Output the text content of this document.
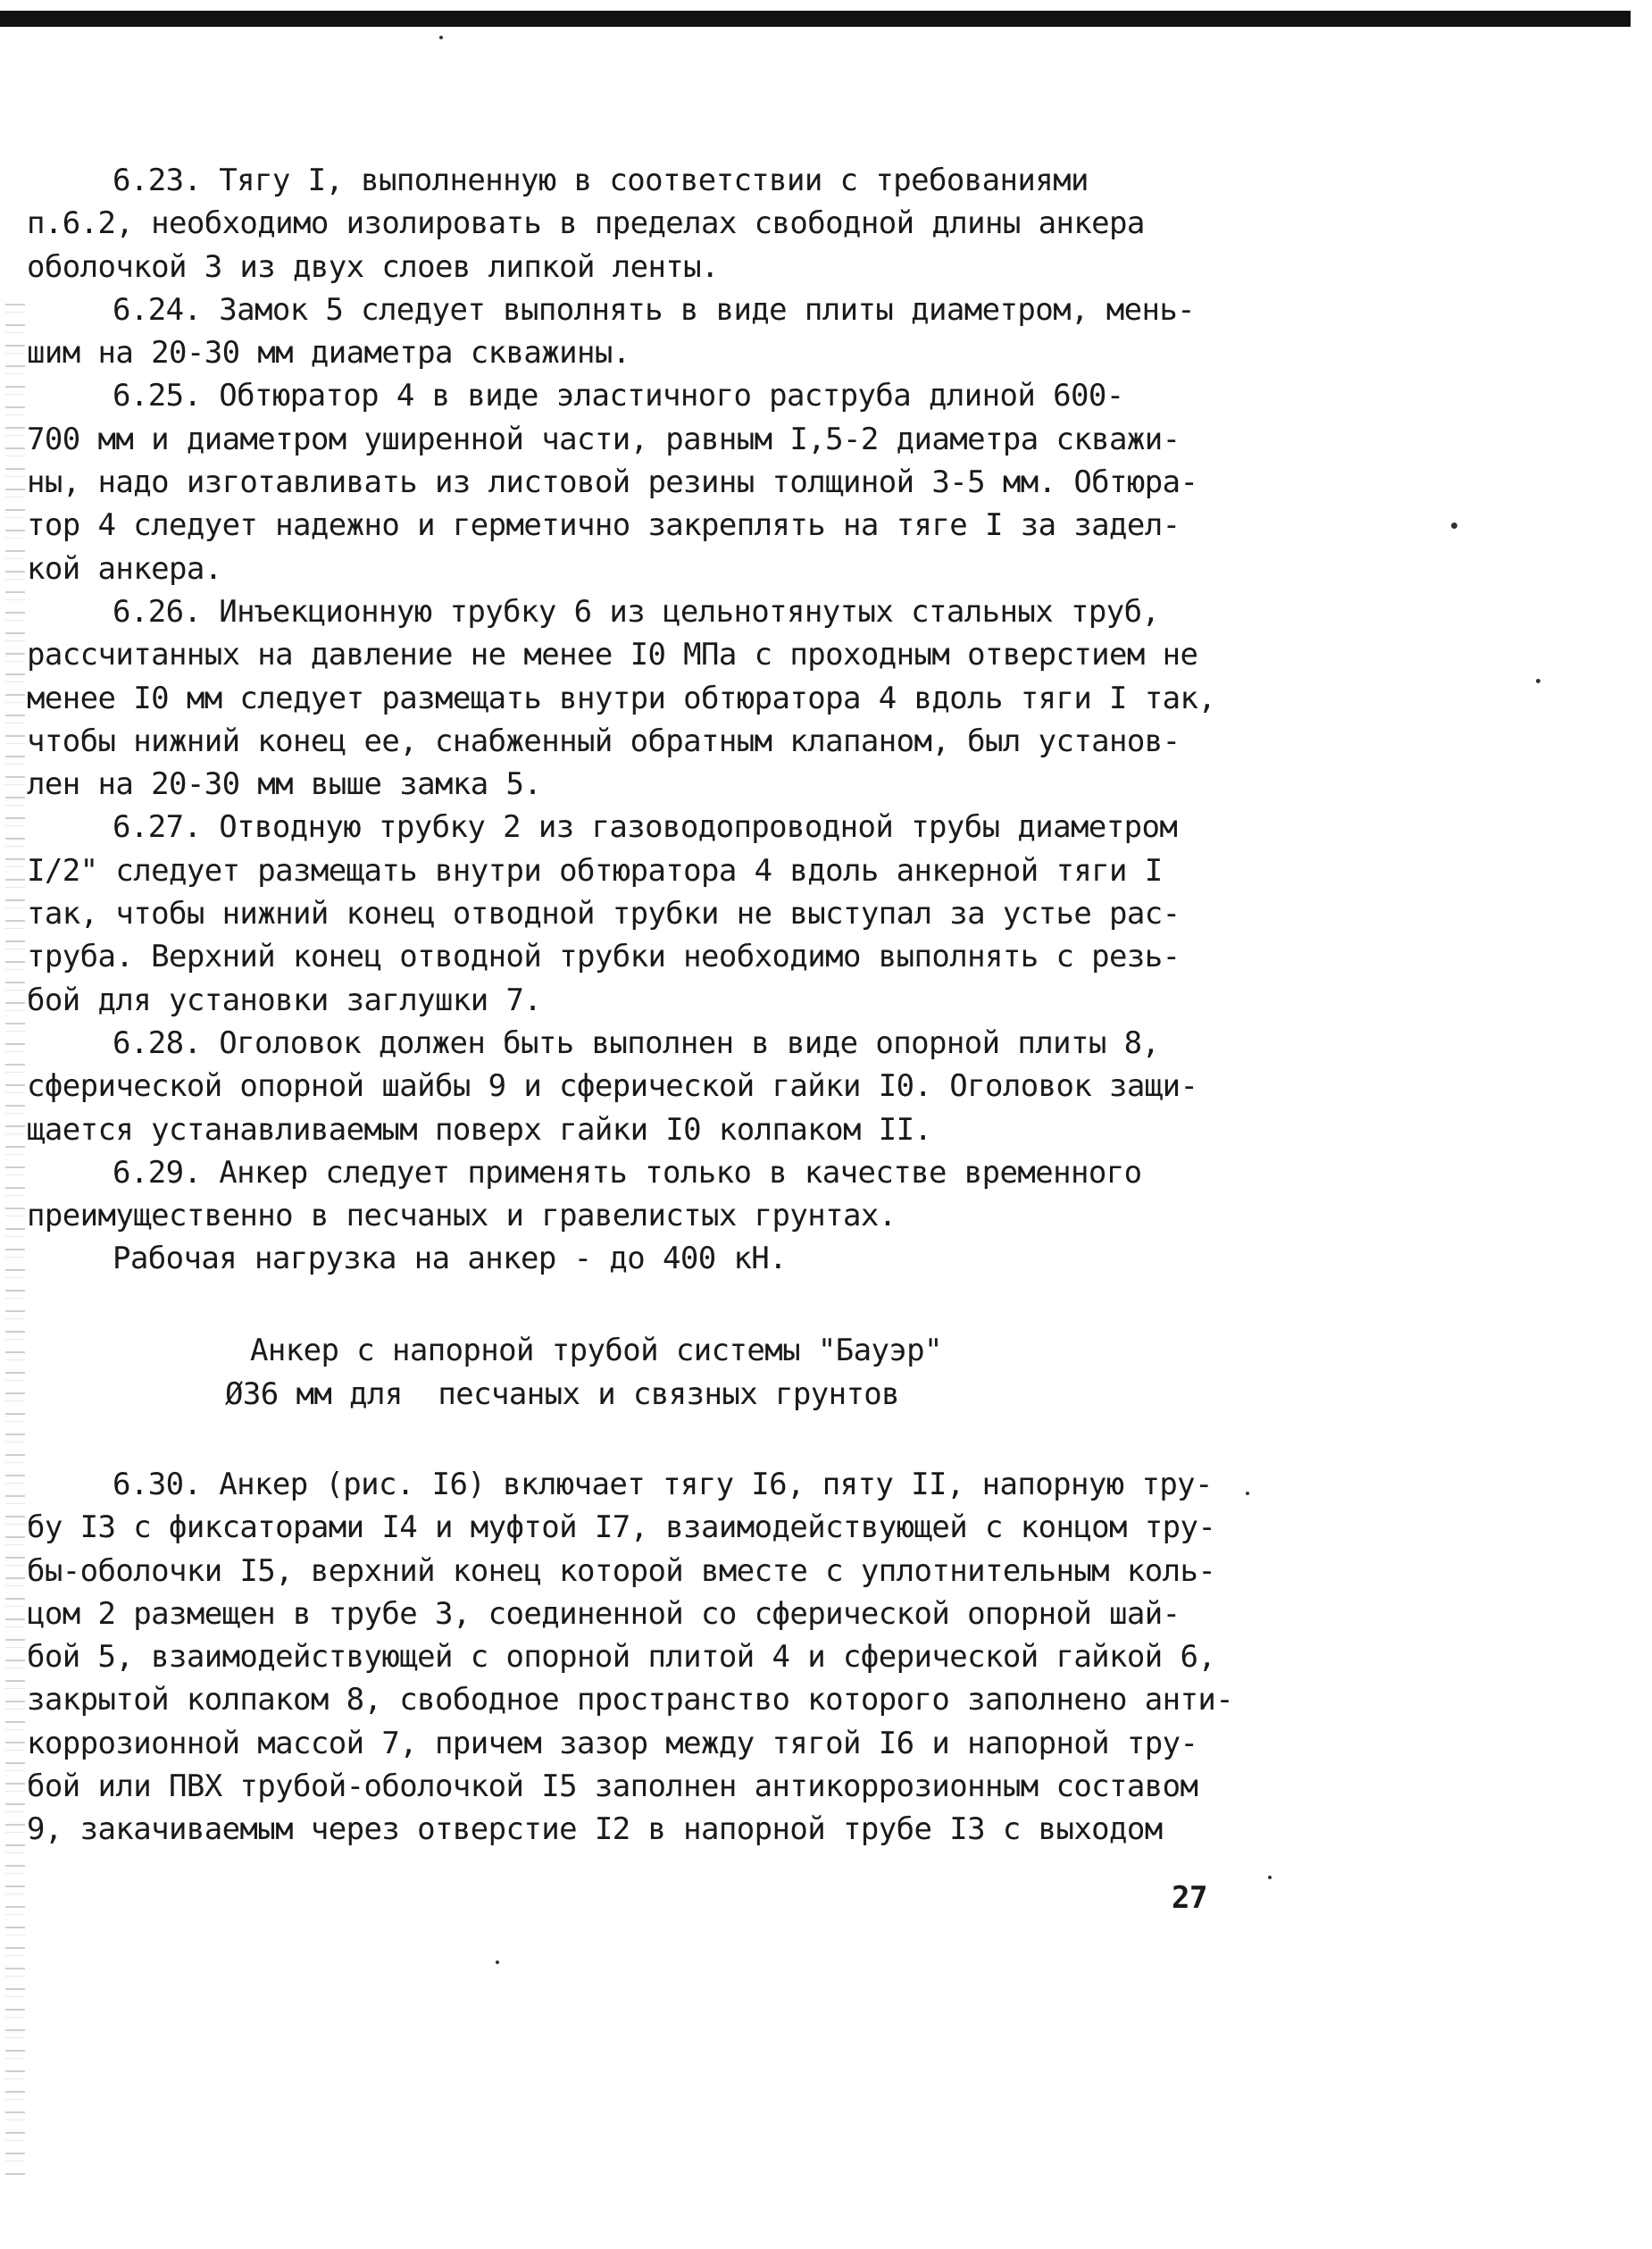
6.23. Тягу I, выполненную в соответствии с требованиями
п.6.2, необходимо изолировать в пределах свободной длины анкера
оболочкой 3 из двух слоев липкой ленты.
6.24. Замок 5 следует выполнять в виде плиты диаметром, мень-
шим на 20-30 мм диаметра скважины.
6.25. Обтюратор 4 в виде эластичного раструба длиной 600-
700 мм и диаметром уширенной части, равным I,5-2 диаметра скважи-
ны, надо изготавливать из листовой резины толщиной 3-5 мм. Обтюра-
тор 4 следует надежно и герметично закреплять на тяге I за задел-
кой анкера.
6.26. Инъекционную трубку 6 из цельнотянутых стальных труб,
рассчитанных на давление не менее I0 МПа с проходным отверстием не
менее I0 мм следует размещать внутри обтюратора 4 вдоль тяги I так,
чтобы нижний конец ее, снабженный обратным клапаном, был установ-
лен на 20-30 мм выше замка 5.
6.27. Отводную трубку 2 из газоводопроводной трубы диаметром
I/2" следует размещать внутри обтюратора 4 вдоль анкерной тяги I
так, чтобы нижний конец отводной трубки не выступал за устье рас-
труба. Верхний конец отводной трубки необходимо выполнять с резь-
бой для установки заглушки 7.
6.28. Оголовок должен быть выполнен в виде опорной плиты 8,
сферической опорной шайбы 9 и сферической гайки I0. Оголовок защи-
щается устанавливаемым поверх гайки I0 колпаком II.
6.29. Анкер следует применять только в качестве временного
преимущественно в песчаных и гравелистых грунтах.
Рабочая нагрузка на анкер - до 400 кН.
Анкер с напорной трубой системы "Бауэр"
Ø36 мм для  песчаных и связных грунтов
6.30. Анкер (рис. I6) включает тягу I6, пяту II, напорную тру-
бу I3 с фиксаторами I4 и муфтой I7, взаимодействующей с концом тру-
бы-оболочки I5, верхний конец которой вместе с уплотнительным коль-
цом 2 размещен в трубе 3, соединенной со сферической опорной шай-
бой 5, взаимодействующей с опорной плитой 4 и сферической гайкой 6,
закрытой колпаком 8, свободное пространство которого заполнено анти-
коррозионной массой 7, причем зазор между тягой I6 и напорной тру-
бой или ПВХ трубой-оболочкой I5 заполнен антикоррозионным составом
9, закачиваемым через отверстие I2 в напорной трубе I3 с выходом
27
